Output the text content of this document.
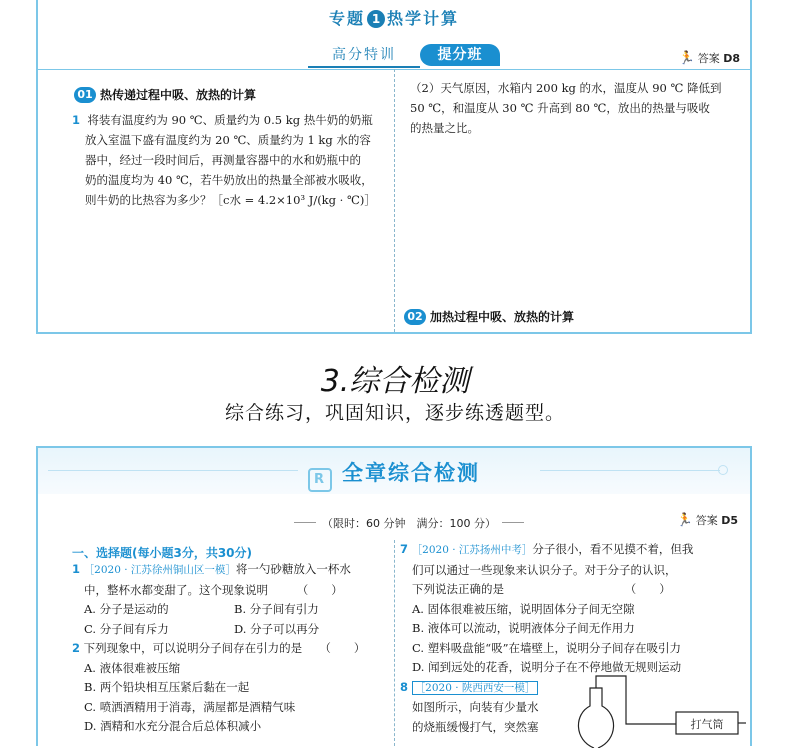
专题 1 热学计算
高分特训	提分班	🏃 答案 D8
01 热传递过程中吸、放热的计算
1 将装有温度约为 90 ℃、质量约为 0.5 kg 热牛奶的奶瓶
放入室温下盛有温度约为 20 ℃、质量约为 1 kg 水的容
器中，经过一段时间后，再测量容器中的水和奶瓶中的
奶的温度均为 40 ℃，若牛奶放出的热量全部被水吸收，
则牛奶的比热容为多少？［c水 = 4.2×10³ J/(kg · ℃)］
（2）天气原因，水箱内 200 kg 的水，温度从 90 ℃ 降低到
50 ℃，和温度从 30 ℃ 升高到 80 ℃，放出的热量与吸收
的热量之比。
02 加热过程中吸、放热的计算
3.综合检测
综合练习，巩固知识，逐步练透题型。
R 全章综合检测
（限时：60 分钟　满分：100 分）	🏃 答案 D5
一、选择题(每小题3分，共30分)
1 ［2020 · 江苏徐州铜山区一模］将一勺砂糖放入一杯水
中，整杯水都变甜了。这个现象说明　　　（　　）
A. 分子是运动的	B. 分子间有引力
C. 分子间有斥力	D. 分子可以再分
2 下列现象中，可以说明分子间存在引力的是　　（　　）
A. 液体很难被压缩
B. 两个铅块相互压紧后黏在一起
C. 喷洒酒精用于消毒，满屋都是酒精气味
D. 酒精和水充分混合后总体积减小
7 ［2020 · 江苏扬州中考］分子很小，看不见摸不着，但我
们可以通过一些现象来认识分子。对于分子的认识，
下列说法正确的是　　　　　　　　　　　（　　）
A. 固体很难被压缩，说明固体分子间无空隙
B. 液体可以流动，说明液体分子间无作用力
C. 塑料吸盘能“吸”在墙壁上，说明分子间存在吸引力
D. 闻到远处的花香，说明分子在不停地做无规则运动
8 ［2020 · 陕西西安一模］
如图所示，向装有少量水
的烧瓶缓慢打气，突然塞	打气筒
